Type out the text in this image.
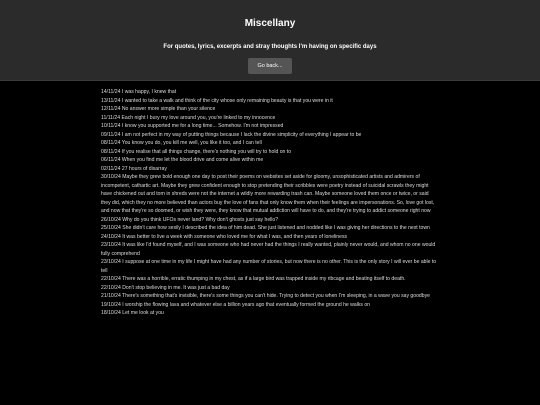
Miscellany
For quotes, lyrics, excerpts and stray thoughts I'm having on specific days
Go back...

14/11/24 I was happy, I knew that

13/11/24 I wanted to take a walk and think of the city whose only remaining beauty is that you were in it

12/11/24 No answer more simple than your silence

11/11/24 Each night I bury my love around you, you're linked to my innocence

10/11/24 I know you supported me for a long time... Somehow. I'm not impressed

09/11/24 I am not perfect in my way of putting things because I lack the divine simplicity of everything I appear to be

08/11/24 You know you do, you kill me well, you like it too, and I can tell

08/11/24 If you realise that all things change, there's nothing you will try to hold on to

06/11/24 When you find me let the blood drive and come alive within me

02/11/24 27 hours of disarray

30/10/24 Maybe they grew bold enough one day to post their poems on websites set aside for gloomy, unsophisticated artists and admirers of incompetent, cathartic art. Maybe they grew confident enough to stop pretending their scribbles were poetry instead of suicidal scrawls they might have chickened out and torn in shreds were not the internet a wildly more rewarding trash can. Maybe someone loved them once or twice, or said they did, which they no more believed than actors buy the love of fans that only know them when their feelings are impersonations. So, love got lost, and now that they're so doomed, or wish they were, they know that mutual addiction will have to do, and they're trying to addict someone right now

26/10/24 Why do you think UFOs never land? Why don't ghosts just say hello?

25/10/24 She didn't care how sexily I described the idea of him dead. She just listened and nodded like I was giving her directions to the next town

24/10/24 It was better to live a week with someone who loved me for what I was, and then years of loneliness

23/10/24 It was like I'd found myself, and I was someone who had never had the things I really wanted, plainly never would, and whom no one would fully comprehend

23/10/24 I suppose at one time in my life I might have had any number of stories, but now there is no other. This is the only story I will ever be able to tell

22/10/24 There was a horrible, erratic thumping in my chest, as if a large bird was trapped inside my ribcage and beating itself to death.

22/10/24 Don't stop believing in me. It was just a bad day

21/10/24 There's something that's invisible, there's some things you can't hide. Trying to detect you when I'm sleeping, in a wave you say goodbye

19/10/24 I worship the flowing lava and whatever else a billion years ago that eventually formed the ground he walks on

18/10/24 Let me look at you
